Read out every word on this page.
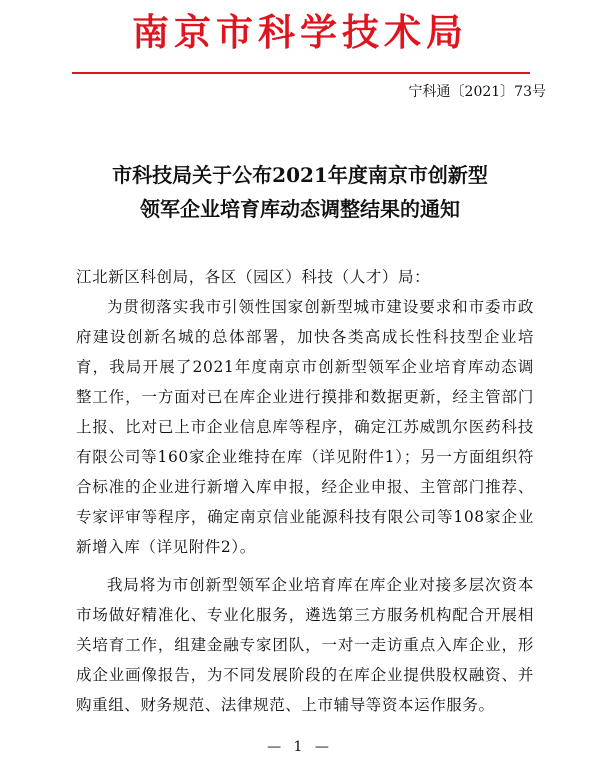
南京市科学技术局
宁科通〔2021〕73号
市科技局关于公布2021年度南京市创新型
领军企业培育库动态调整结果的通知

江北新区科创局，各区（园区）科技（人才）局：

为贯彻落实我市引领性国家创新型城市建设要求和市委市政府建设创新名城的总体部署，加快各类高成长性科技型企业培育，我局开展了2021年度南京市创新型领军企业培育库动态调整工作，一方面对已在库企业进行摸排和数据更新，经主管部门上报、比对已上市企业信息库等程序，确定江苏威凯尔医药科技有限公司等160家企业维持在库（详见附件1）；另一方面组织符合标准的企业进行新增入库申报，经企业申报、主管部门推荐、专家评审等程序，确定南京信业能源科技有限公司等108家企业新增入库（详见附件2）。

我局将为市创新型领军企业培育库在库企业对接多层次资本市场做好精准化、专业化服务，遴选第三方服务机构配合开展相关培育工作，组建金融专家团队，一对一走访重点入库企业，形成企业画像报告，为不同发展阶段的在库企业提供股权融资、并购重组、财务规范、法律规范、上市辅导等资本运作服务。

— 1 —
